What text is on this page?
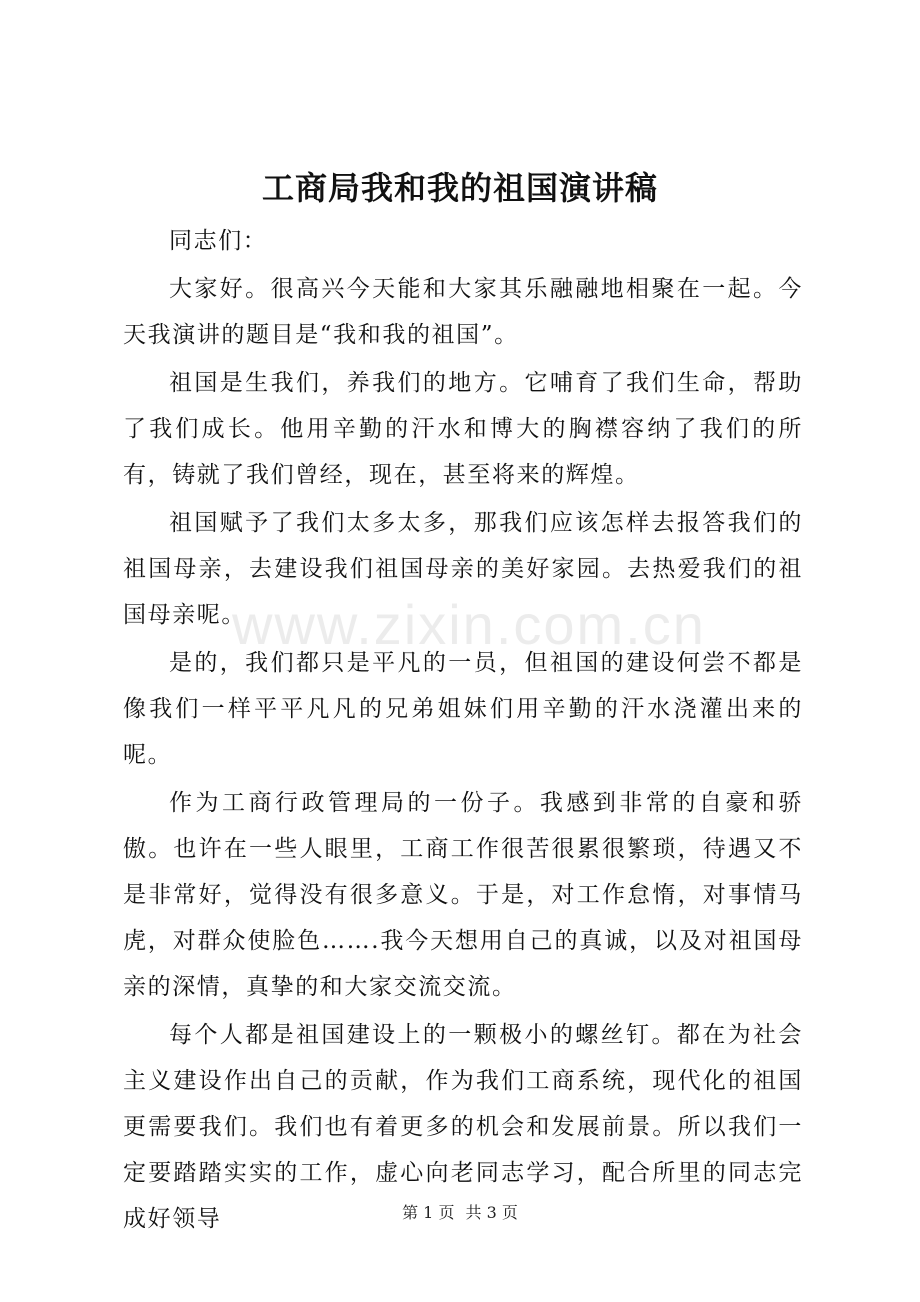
工商局我和我的祖国演讲稿

同志们：

大家好。很高兴今天能和大家其乐融融地相聚在一起。今天我演讲的题目是“我和我的祖国”。

祖国是生我们，养我们的地方。它哺育了我们生命，帮助了我们成长。他用辛勤的汗水和博大的胸襟容纳了我们的所有，铸就了我们曾经，现在，甚至将来的辉煌。

祖国赋予了我们太多太多，那我们应该怎样去报答我们的祖国母亲，去建设我们祖国母亲的美好家园。去热爱我们的祖国母亲呢。

是的，我们都只是平凡的一员，但祖国的建设何尝不都是像我们一样平平凡凡的兄弟姐妹们用辛勤的汗水浇灌出来的呢。

作为工商行政管理局的一份子。我感到非常的自豪和骄傲。也许在一些人眼里，工商工作很苦很累很繁琐，待遇又不是非常好，觉得没有很多意义。于是，对工作怠惰，对事情马虎，对群众使脸色…….我今天想用自己的真诚，以及对祖国母亲的深情，真挚的和大家交流交流。

每个人都是祖国建设上的一颗极小的螺丝钉。都在为社会主义建设作出自己的贡献，作为我们工商系统，现代化的祖国更需要我们。我们也有着更多的机会和发展前景。所以我们一定要踏踏实实的工作，虚心向老同志学习，配合所里的同志完成好领导

www.zixin.com.cn
第 1 页 共 3 页
